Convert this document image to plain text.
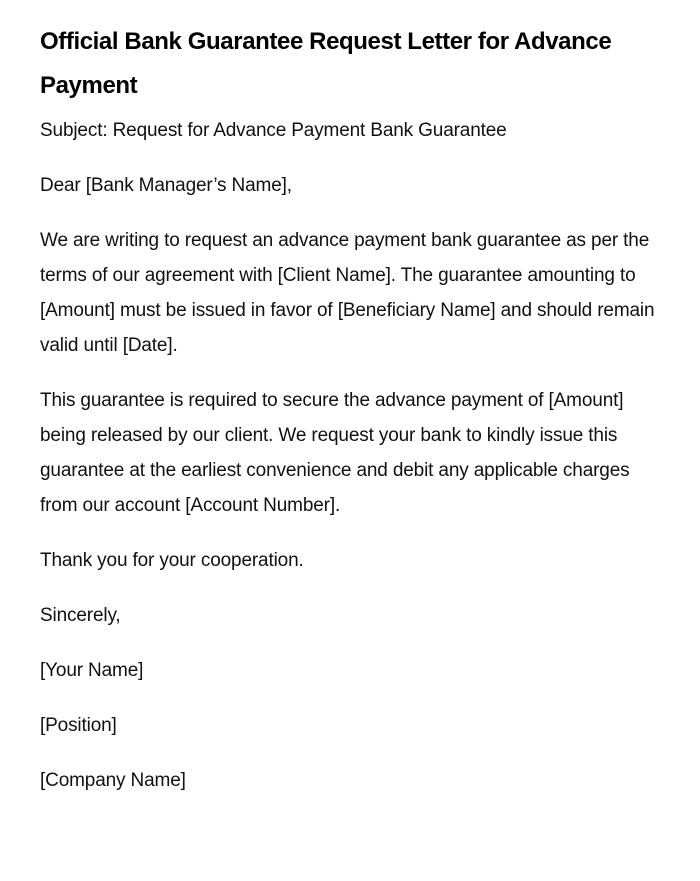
Official Bank Guarantee Request Letter for Advance Payment

Subject: Request for Advance Payment Bank Guarantee

Dear [Bank Manager’s Name],

We are writing to request an advance payment bank guarantee as per the terms of our agreement with [Client Name]. The guarantee amounting to [Amount] must be issued in favor of [Beneficiary Name] and should remain valid until [Date].

This guarantee is required to secure the advance payment of [Amount] being released by our client. We request your bank to kindly issue this guarantee at the earliest convenience and debit any applicable charges from our account [Account Number].

Thank you for your cooperation.

Sincerely,

[Your Name]

[Position]

[Company Name]
